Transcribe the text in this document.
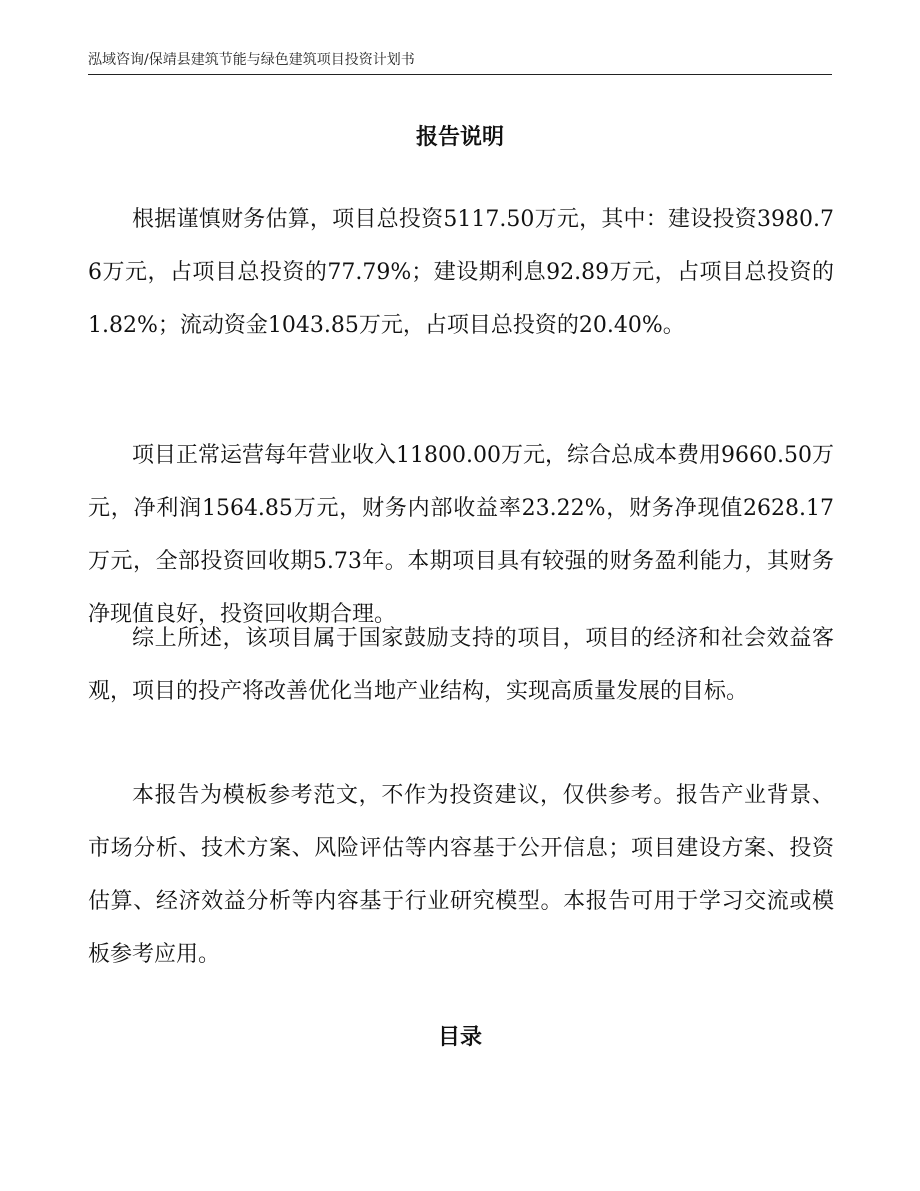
泓域咨询/保靖县建筑节能与绿色建筑项目投资计划书
报告说明

根据谨慎财务估算，项目总投资5117.50万元，其中：建设投资3980.76万元，占项目总投资的77.79%；建设期利息92.89万元，占项目总投资的1.82%；流动资金1043.85万元，占项目总投资的20.40%。

项目正常运营每年营业收入11800.00万元，综合总成本费用9660.50万元，净利润1564.85万元，财务内部收益率23.22%，财务净现值2628.17万元，全部投资回收期5.73年。本期项目具有较强的财务盈利能力，其财务净现值良好，投资回收期合理。

综上所述，该项目属于国家鼓励支持的项目，项目的经济和社会效益客观，项目的投产将改善优化当地产业结构，实现高质量发展的目标。

本报告为模板参考范文，不作为投资建议，仅供参考。报告产业背景、市场分析、技术方案、风险评估等内容基于公开信息；项目建设方案、投资估算、经济效益分析等内容基于行业研究模型。本报告可用于学习交流或模板参考应用。

目录
